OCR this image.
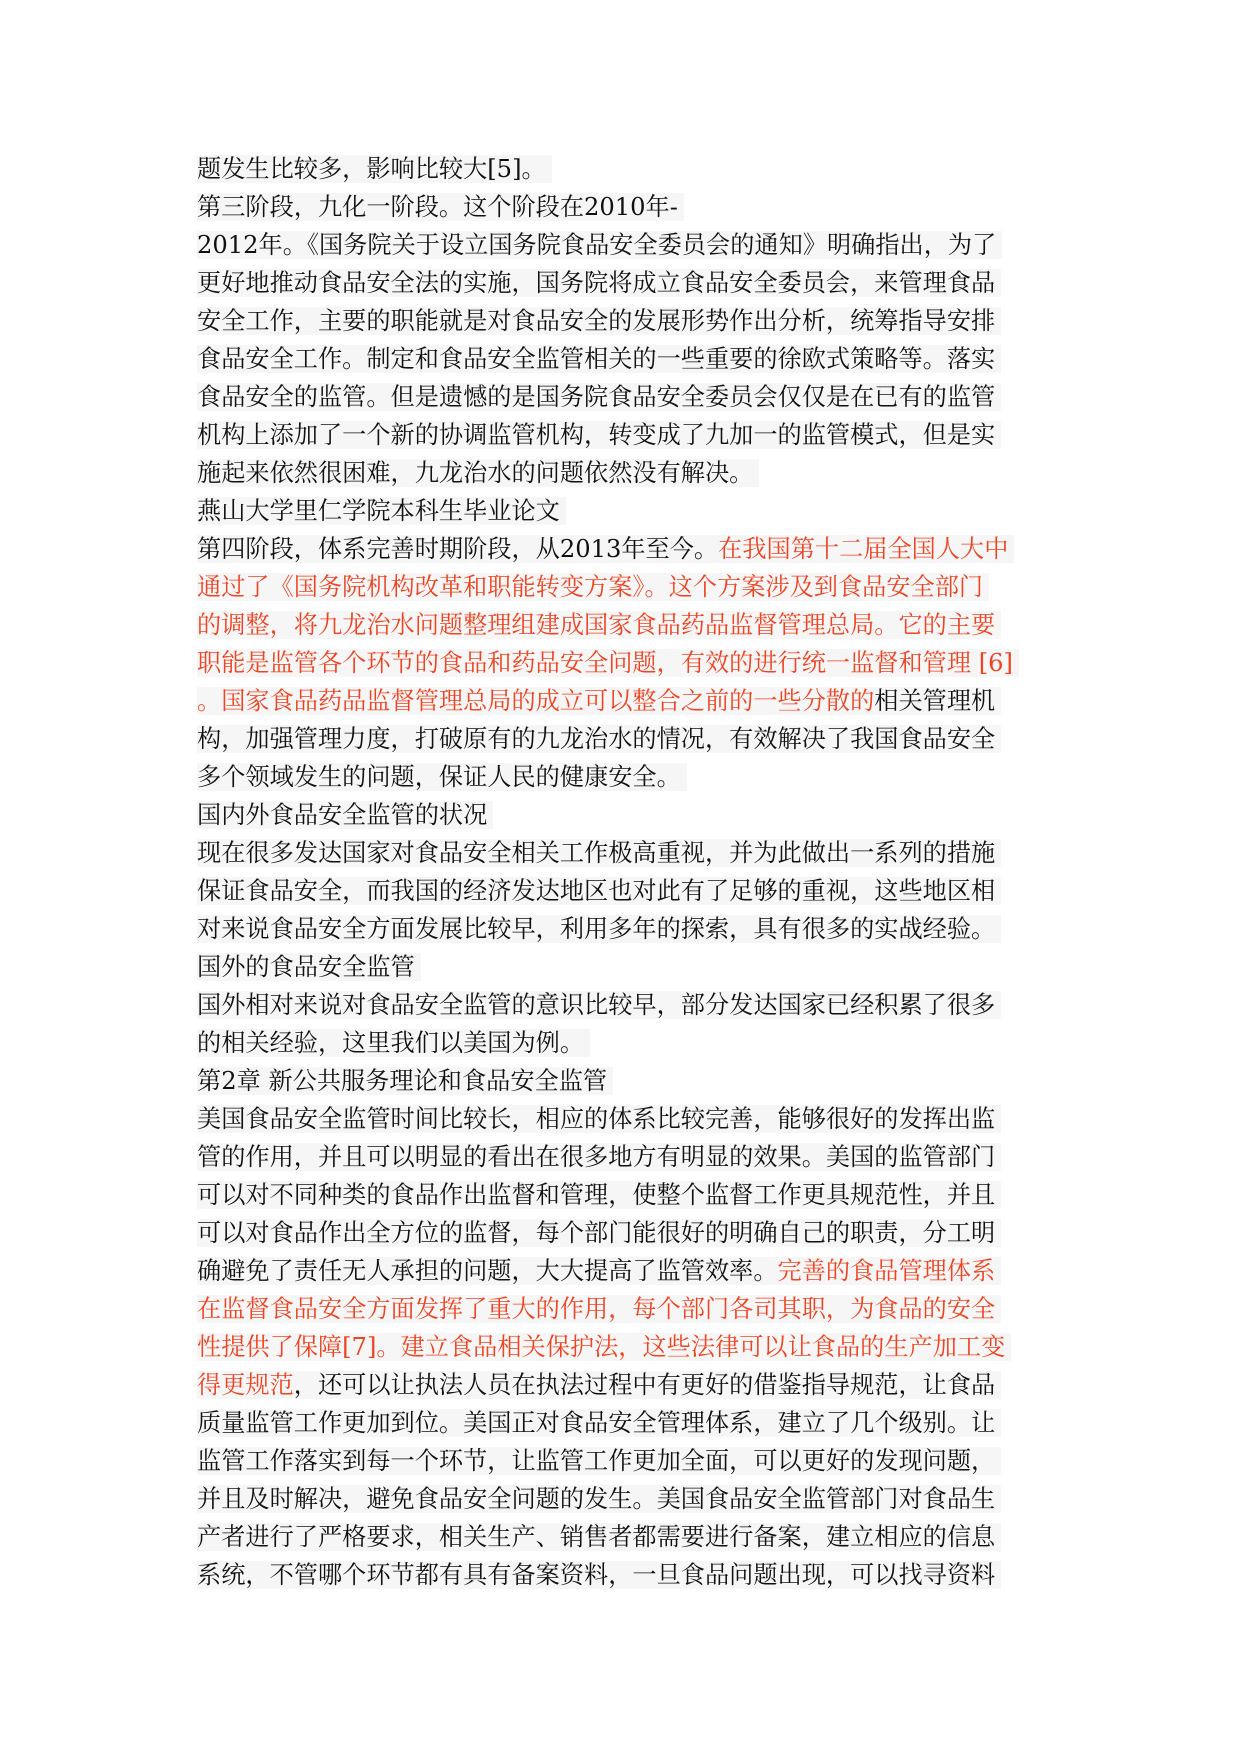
题发生比较多，影响比较大[5]。
第三阶段，九化一阶段。这个阶段在2010年-
2012年。《国务院关于设立国务院食品安全委员会的通知》明确指出，为了
更好地推动食品安全法的实施，国务院将成立食品安全委员会，来管理食品
安全工作，主要的职能就是对食品安全的发展形势作出分析，统筹指导安排
食品安全工作。制定和食品安全监管相关的一些重要的徐欧式策略等。落实
食品安全的监管。但是遗憾的是国务院食品安全委员会仅仅是在已有的监管
机构上添加了一个新的协调监管机构，转变成了九加一的监管模式，但是实
施起来依然很困难，九龙治水的问题依然没有解决。
燕山大学里仁学院本科生毕业论文
第四阶段，体系完善时期阶段，从2013年至今。在我国第十二届全国人大中
通过了《国务院机构改革和职能转变方案》。这个方案涉及到食品安全部门
的调整，将九龙治水问题整理组建成国家食品药品监督管理总局。它的主要
职能是监管各个环节的食品和药品安全问题，有效的进行统一监督和管理 [6]
。国家食品药品监督管理总局的成立可以整合之前的一些分散的相关管理机
构，加强管理力度，打破原有的九龙治水的情况，有效解决了我国食品安全
多个领域发生的问题，保证人民的健康安全。
国内外食品安全监管的状况
现在很多发达国家对食品安全相关工作极高重视，并为此做出一系列的措施
保证食品安全，而我国的经济发达地区也对此有了足够的重视，这些地区相
对来说食品安全方面发展比较早，利用多年的探索，具有很多的实战经验。
国外的食品安全监管
国外相对来说对食品安全监管的意识比较早，部分发达国家已经积累了很多
的相关经验，这里我们以美国为例。
第2章 新公共服务理论和食品安全监管
美国食品安全监管时间比较长，相应的体系比较完善，能够很好的发挥出监
管的作用，并且可以明显的看出在很多地方有明显的效果。美国的监管部门
可以对不同种类的食品作出监督和管理，使整个监督工作更具规范性，并且
可以对食品作出全方位的监督，每个部门能很好的明确自己的职责，分工明
确避免了责任无人承担的问题，大大提高了监管效率。完善的食品管理体系
在监督食品安全方面发挥了重大的作用，每个部门各司其职，为食品的安全
性提供了保障[7]。建立食品相关保护法，这些法律可以让食品的生产加工变
得更规范，还可以让执法人员在执法过程中有更好的借鉴指导规范，让食品
质量监管工作更加到位。美国正对食品安全管理体系，建立了几个级别。让
监管工作落实到每一个环节，让监管工作更加全面，可以更好的发现问题，
并且及时解决，避免食品安全问题的发生。美国食品安全监管部门对食品生
产者进行了严格要求，相关生产、销售者都需要进行备案，建立相应的信息
系统，不管哪个环节都有具有备案资料，一旦食品问题出现，可以找寻资料
